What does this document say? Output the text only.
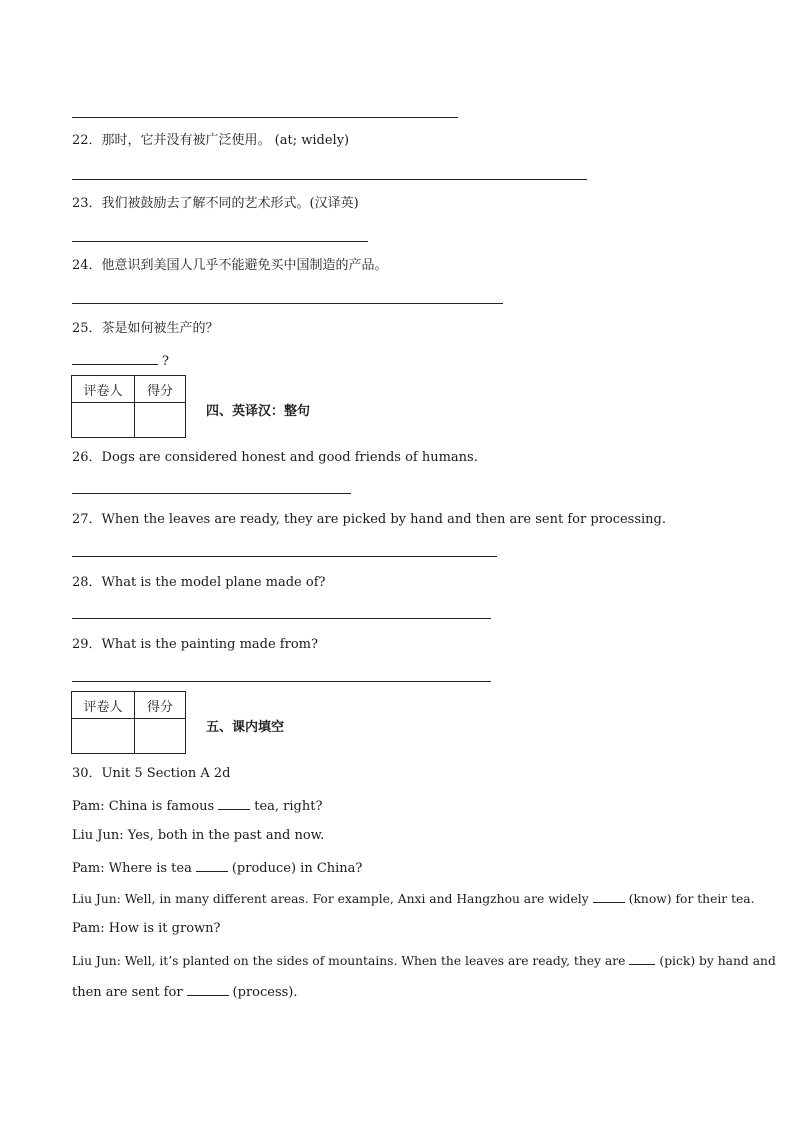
22．那时，它并没有被广泛使用。 (at; widely)
23．我们被鼓励去了解不同的艺术形式。(汉译英)
24．他意识到美国人几乎不能避免买中国制造的产品。
25．茶是如何被生产的？
?
评卷人	得分

四、英译汉：整句
26．Dogs are considered honest and good friends of humans.
27．When the leaves are ready, they are picked by hand and then are sent for processing.
28．What is the model plane made of?
29．What is the painting made from?
评卷人	得分

五、课内填空
30．Unit 5 Section A 2d
Pam: China is famous	tea, right?
Liu Jun: Yes, both in the past and now.
Pam: Where is tea	(produce) in China?
Liu Jun: Well, in many different areas. For example, Anxi and Hangzhou are widely	(know) for their tea.
Pam: How is it grown?
Liu Jun: Well, it’s planted on the sides of mountains. When the leaves are ready, they are	(pick) by hand and
then are sent for	(process).
